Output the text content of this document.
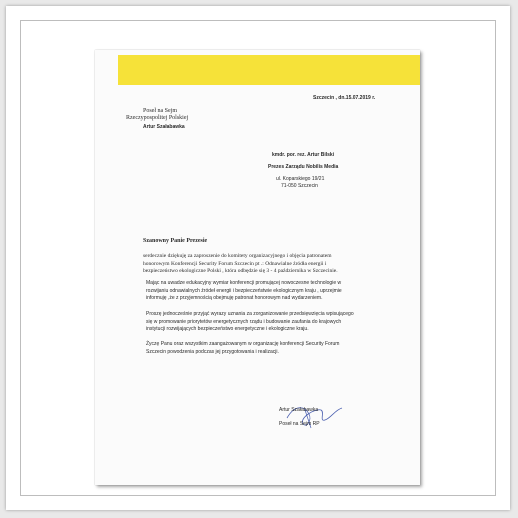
Szczecin , dn.15.07.2019 r.
Poseł na Sejm
Rzeczypospolitej Polskiej
Artur Szałabawka
kmdr. por. rez. Artur Bilski
Prezes Zarządu Nobilis Media
ul. Koparskiego 19/21
71-050 Szczecin
Szanowny Panie Prezesie
serdecznie dziękuję za zaproszenie do komitety organizacyjnego i objęcia patronatem
honorowym Konferencji Security Forum Szczecin pt .: Odnawialne źródła energii i
bezpieczeństwo ekologiczne Polski , która odbędzie się 3 - 4 października w Szczecinie.
Mając na uwadze edukacyjny wymiar konferencji promującej nowoczesne technologie w
rozwijaniu odnawialnych źródeł energii i bezpieczeństwie ekologicznym kraju , uprzejmie
informuję ,że z przyjemnością obejmuję patronat honorowym nad wydarzeniem.
Proszę jednocześnie przyjąć wyrazy uznania za zorganizowanie przedsięwzięcia wpisującego
się w promowanie priorytetów energetycznych rządu i budowanie zaufania do krajowych
instytucji rozwijających bezpieczeństwo energetyczne i ekologiczne kraju.
Życzę Panu oraz wszystkim zaangażowanym w organizację konferencji Security Forum
Szczecin powodzenia podczas jej przygotowania i realizacji.
Artur Szałabawka
Poseł na Sejm RP
